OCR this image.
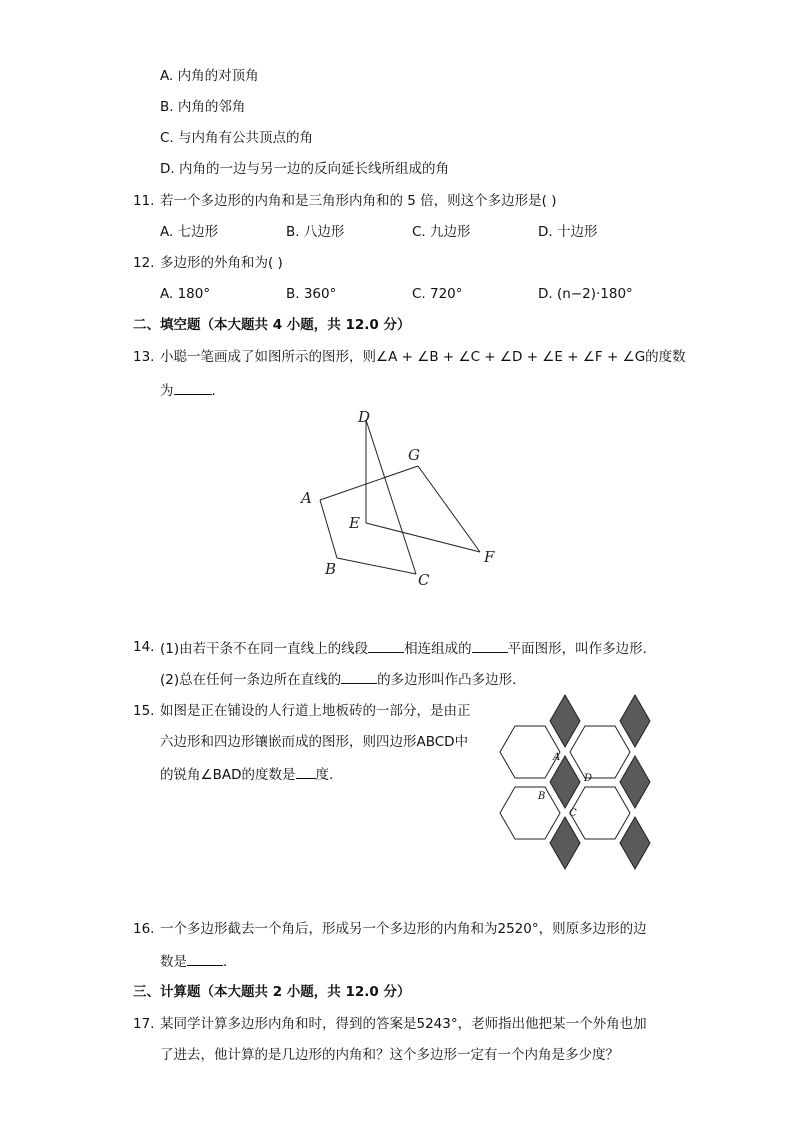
A. 内角的对顶角
B. 内角的邻角
C. 与内角有公共顶点的角
D. 内角的一边与另一边的反向延长线所组成的角
11. 若一个多边形的内角和是三角形内角和的 5 倍，则这个多边形是( )
A. 七边形	B. 八边形	C. 九边形	D. 十边形
12. 多边形的外角和为( )
A. 180°	B. 360°	C. 720°	D. (n−2)·180°
二、填空题（本大题共 4 小题，共 12.0 分）
13. 小聪一笔画成了如图所示的图形，则∠A + ∠B + ∠C + ∠D + ∠E + ∠F + ∠G的度数
为	.
D
G
A
E
F
B
C
14. (1)由若干条不在同一直线上的线段	相连组成的	平面图形，叫作多边形．
(2)总在任何一条边所在直线的	的多边形叫作凸多边形．
15. 如图是正在铺设的人行道上地板砖的一部分，是由正
六边形和四边形镶嵌而成的图形，则四边形ABCD中
的锐角∠BAD的度数是 度.
A
D
B
C
16. 一个多边形截去一个角后，形成另一个多边形的内角和为2520°，则原多边形的边
数是	.
三、计算题（本大题共 2 小题，共 12.0 分）
17. 某同学计算多边形内角和时，得到的答案是5243°，老师指出他把某一个外角也加
了进去，他计算的是几边形的内角和？这个多边形一定有一个内角是多少度？
